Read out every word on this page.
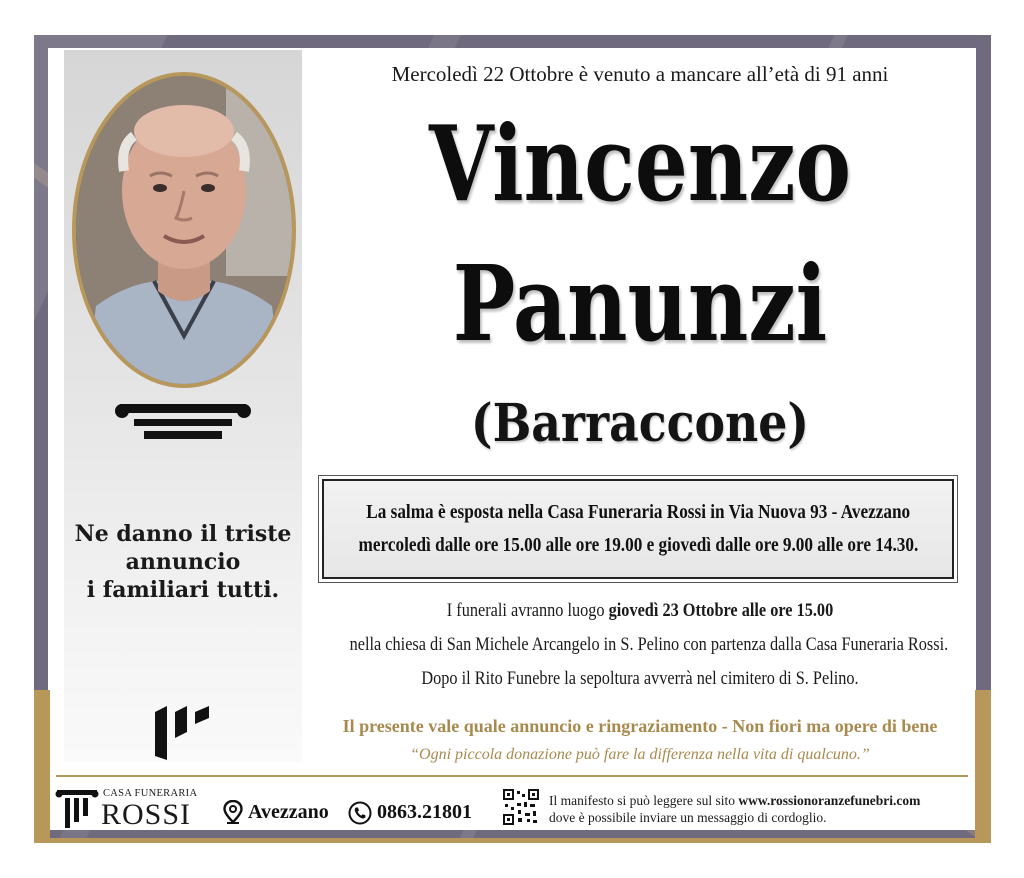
Ne danno il triste
annuncio
i familiari tutti.
Mercoledì 22 Ottobre è venuto a mancare all’età di 91 anni
Vincenzo
Panunzi
(Barraccone)
La salma è esposta nella Casa Funeraria Rossi in Via Nuova 93 - Avezzano
mercoledì dalle ore 15.00 alle ore 19.00 e giovedì dalle ore 9.00 alle ore 14.30.
I funerali avranno luogo giovedì 23 Ottobre alle ore 15.00
nella chiesa di San Michele Arcangelo in S. Pelino con partenza dalla Casa Funeraria Rossi.
Dopo il Rito Funebre la sepoltura avverrà nel cimitero di S. Pelino.
Il presente vale quale annuncio e ringraziamento - Non fiori ma opere di bene
“Ogni piccola donazione può fare la differenza nella vita di qualcuno.”
CASA FUNERARIA
ROSSI	Avezzano 0863.21801
Il manifesto si può leggere sul sito www.rossionoranzefunebri.com
dove è possibile inviare un messaggio di cordoglio.
